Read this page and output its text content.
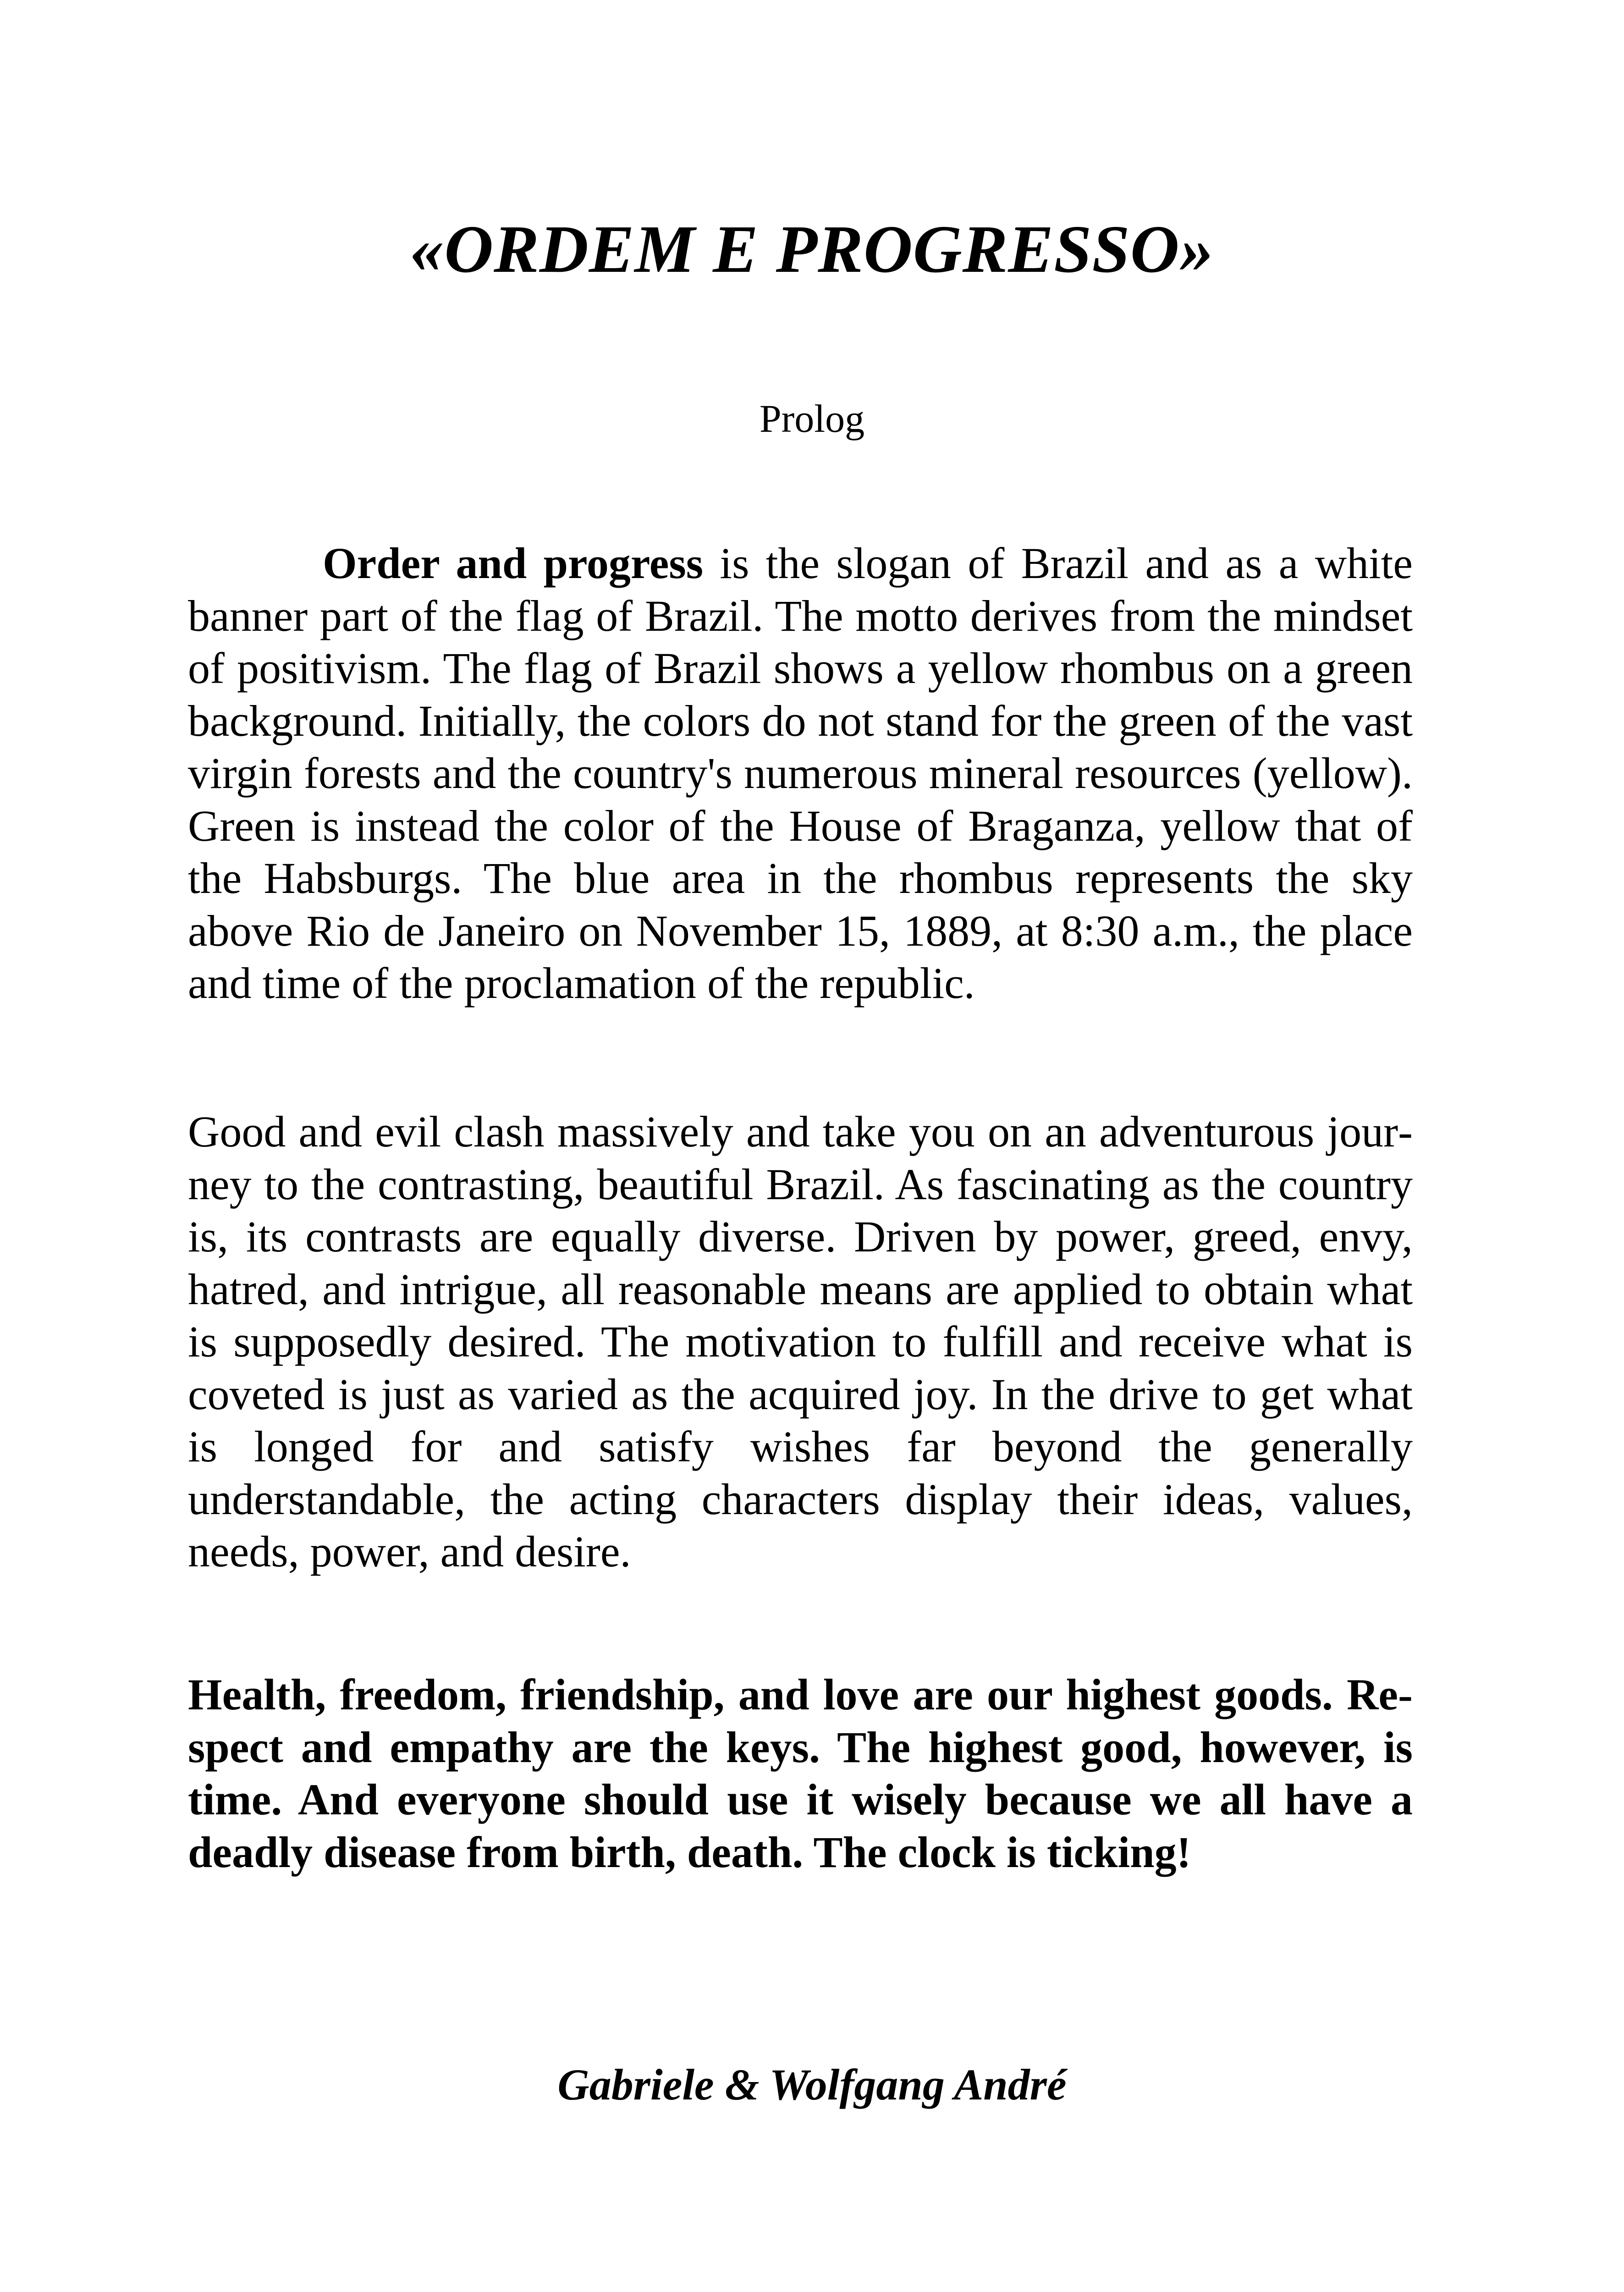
«ORDEM E PROGRESSO»
Prolog

Order and progress is the slogan of Brazil and as a white banner part of the flag of Brazil. The motto derives from the mindset of positivism. The flag of Brazil shows a yellow rhombus on a green background. Initially, the colors do not stand for the green of the vast virgin forests and the country's numerous mineral resources (yellow). Green is instead the color of the House of Braganza, yellow that of the Habsburgs. The blue area in the rhombus represents the sky above Rio de Janeiro on November 15, 1889, at 8:30 a.m., the place and time of the proclamation of the republic.

Good and evil clash massively and take you on an adventurous journey to the contrasting, beautiful Brazil. As fascinating as the country is, its contrasts are equally diverse. Driven by power, greed, envy, hatred, and intrigue, all reasonable means are applied to obtain what is supposedly desired. The motivation to fulfill and receive what is coveted is just as varied as the acquired joy. In the drive to get what is longed for and satisfy wishes far beyond the generally understandable, the acting characters display their ideas, values, needs, power, and desire.

Health, freedom, friendship, and love are our highest goods. Respect and empathy are the keys. The highest good, however, is time. And everyone should use it wisely because we all have a deadly disease from birth, death. The clock is ticking!

Gabriele & Wolfgang André
